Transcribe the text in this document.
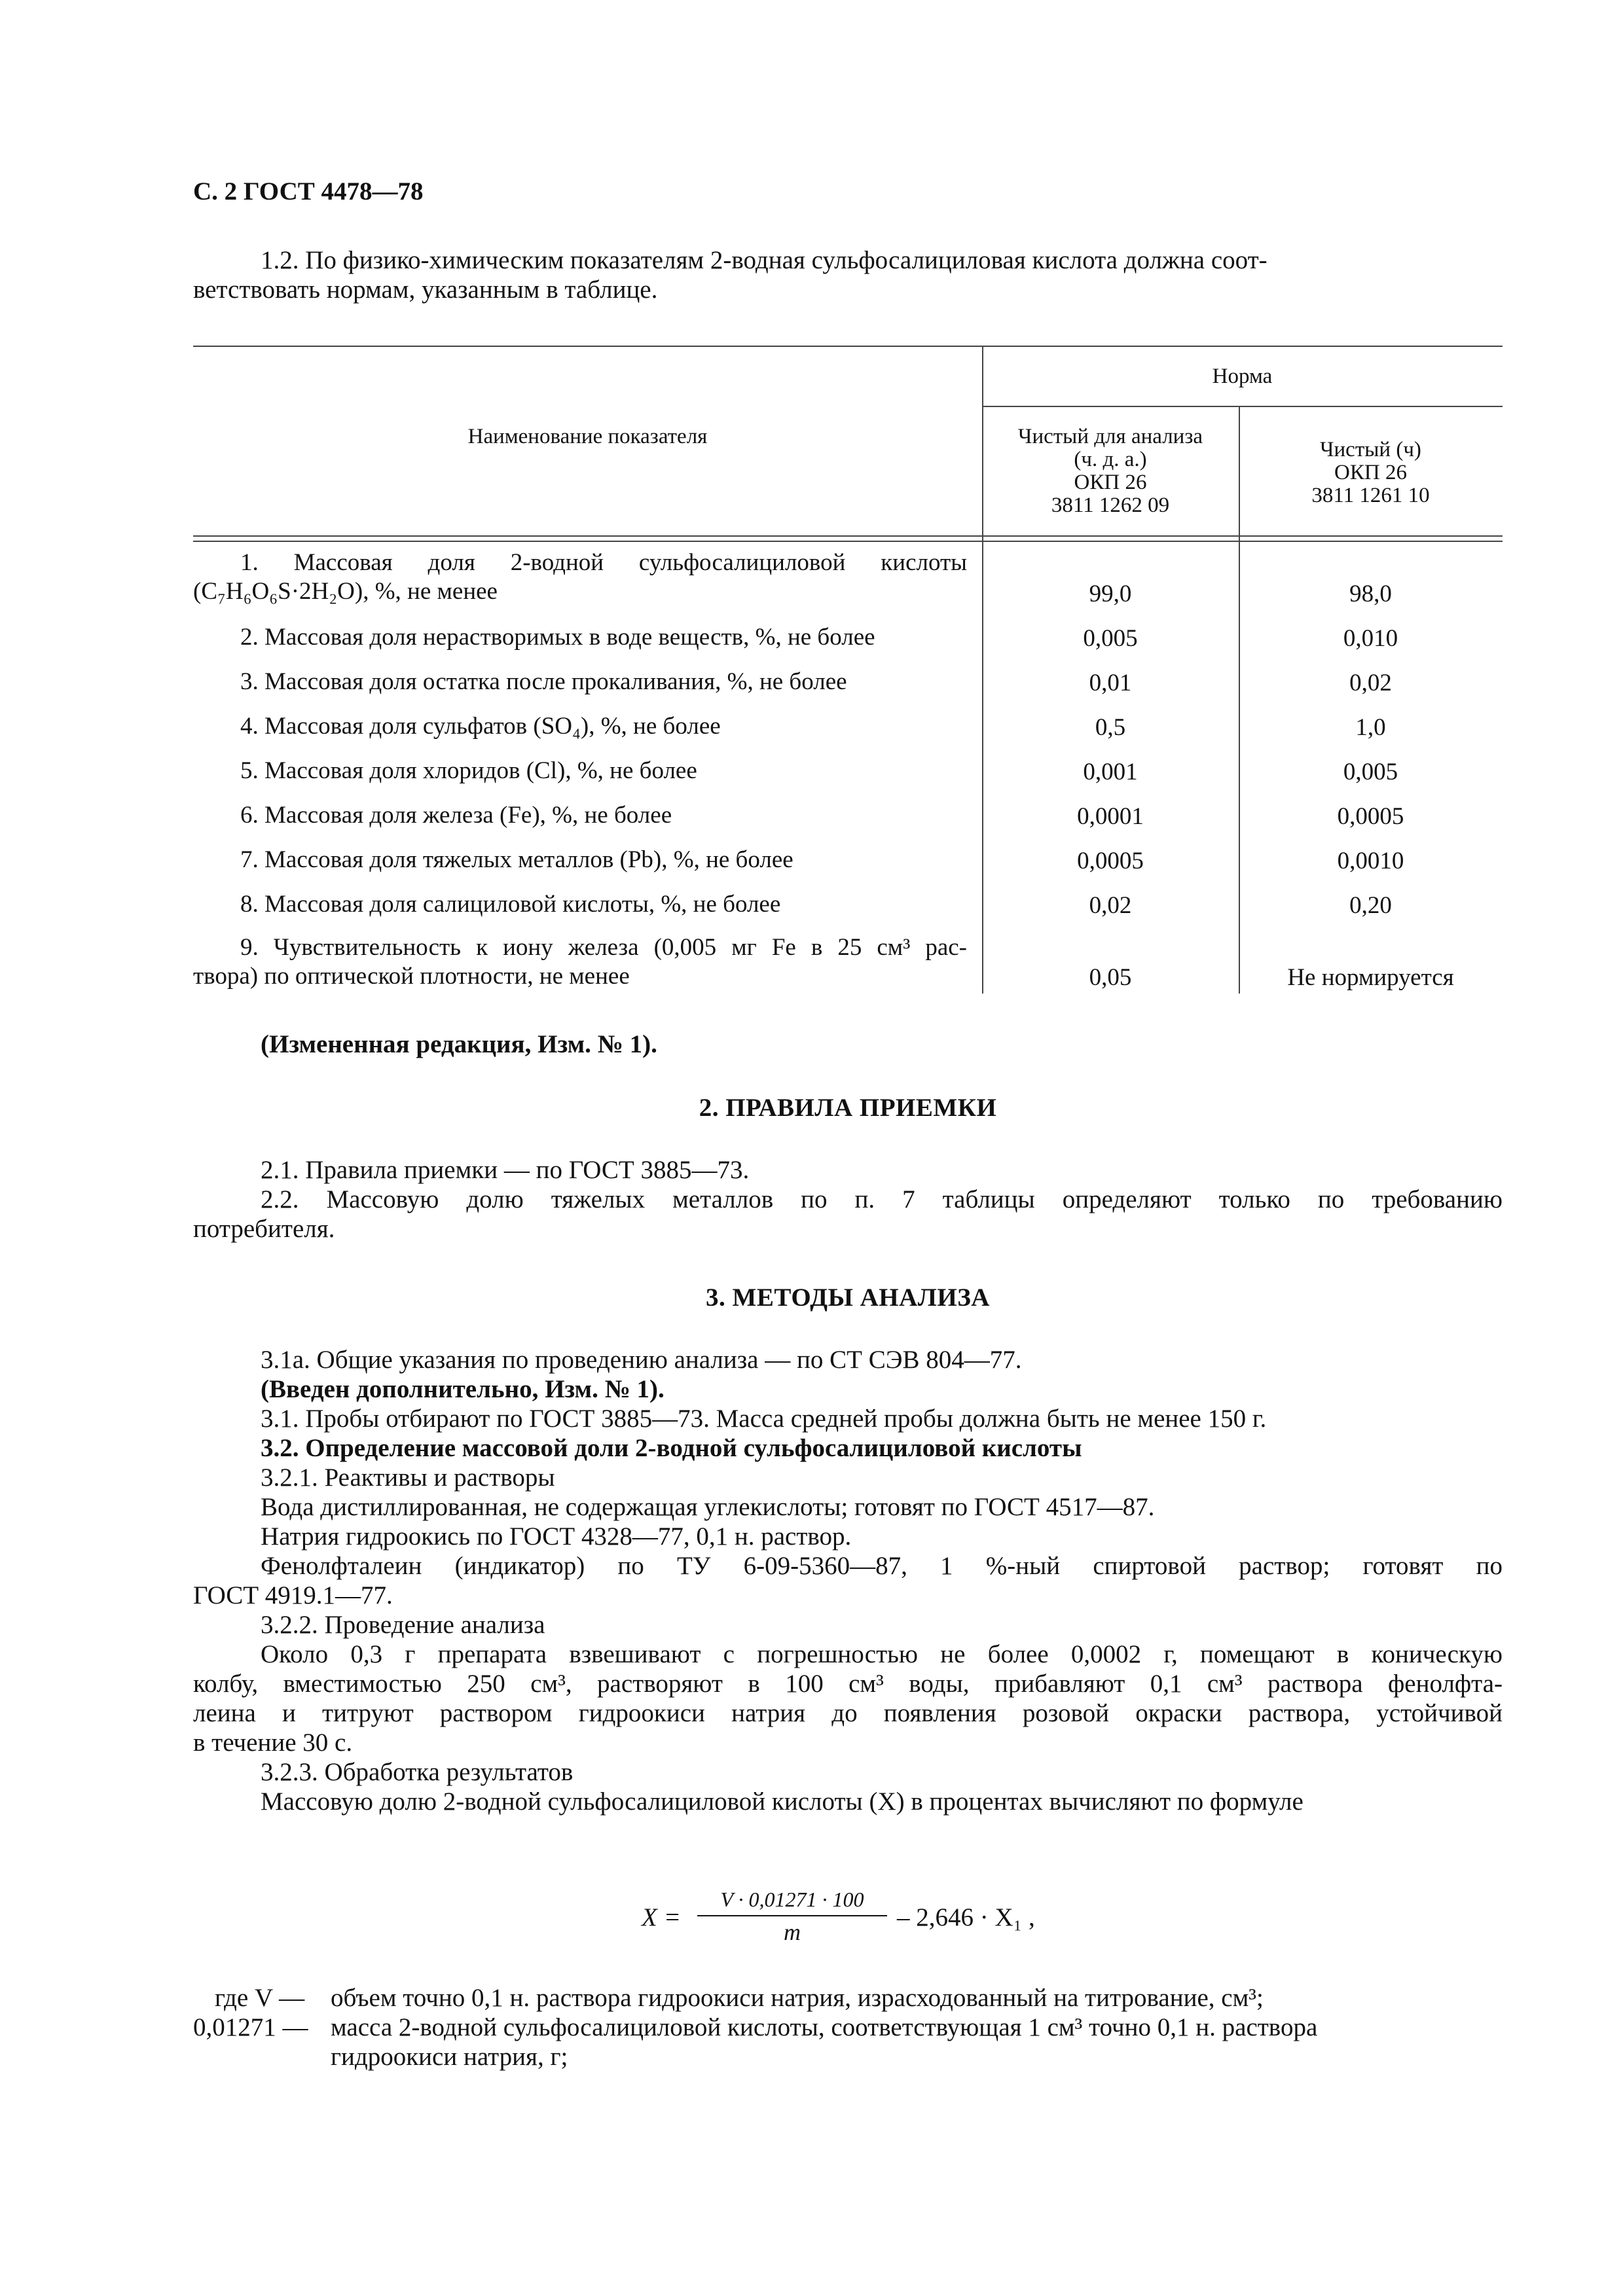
С. 2 ГОСТ 4478—78
1.2. По физико-химическим показателям 2-водная сульфосалициловая кислота должна соот-
ветствовать нормам, указанным в таблице.
Наименование показателя
Норма
Чистый для анализа
(ч. д. а.)
ОКП 26
3811 1262 09
Чистый (ч)
ОКП 26
3811 1261 10
1. Массовая доля 2-водной сульфосалициловой кислоты
(C₇H₆O₆S·2H₂O), %, не менее	99,0	98,0
2. Массовая доля нерастворимых в воде веществ, %, не более	0,005	0,010
3. Массовая доля остатка после прокаливания, %, не более	0,01	0,02
4. Массовая доля сульфатов (SO₄), %, не более	0,5	1,0
5. Массовая доля хлоридов (Cl), %, не более	0,001	0,005
6. Массовая доля железа (Fe), %, не более	0,0001	0,0005
7. Массовая доля тяжелых металлов (Pb), %, не более	0,0005	0,0010
8. Массовая доля салициловой кислоты, %, не более	0,02	0,20
9. Чувствительность к иону железа (0,005 мг Fe в 25 см³ рас-
твора) по оптической плотности, не менее	0,05	Не нормируется
(Измененная редакция, Изм. № 1).
2. ПРАВИЛА ПРИЕМКИ
2.1. Правила приемки — по ГОСТ 3885—73.
2.2. Массовую долю тяжелых металлов по п. 7 таблицы определяют только по требованию
потребителя.
3. МЕТОДЫ АНАЛИЗА
3.1а. Общие указания по проведению анализа — по СТ СЭВ 804—77.
(Введен дополнительно, Изм. № 1).
3.1. Пробы отбирают по ГОСТ 3885—73. Масса средней пробы должна быть не менее 150 г.
3.2. Определение массовой доли 2-водной сульфосалициловой кислоты
3.2.1. Реактивы и растворы
Вода дистиллированная, не содержащая углекислоты; готовят по ГОСТ 4517—87.
Натрия гидроокись по ГОСТ 4328—77, 0,1 н. раствор.
Фенолфталеин (индикатор) по ТУ 6-09-5360—87, 1 %-ный спиртовой раствор; готовят по
ГОСТ 4919.1—77.
3.2.2. Проведение анализа
Около 0,3 г препарата взвешивают с погрешностью не более 0,0002 г, помещают в коническую
колбу, вместимостью 250 см³, растворяют в 100 см³ воды, прибавляют 0,1 см³ раствора фенолфта-
леина и титруют раствором гидроокиси натрия до появления розовой окраски раствора, устойчивой
в течение 30 с.
3.2.3. Обработка результатов
Массовую долю 2-водной сульфосалициловой кислоты (X) в процентах вычисляют по формуле
X =
V · 0,01271 · 100
m
– 2,646 · X₁ ,
где V — объем точно 0,1 н. раствора гидроокиси натрия, израсходованный на титрование, см³;
0,01271 — масса 2-водной сульфосалициловой кислоты, соответствующая 1 см³ точно 0,1 н. раствора
гидроокиси натрия, г;
